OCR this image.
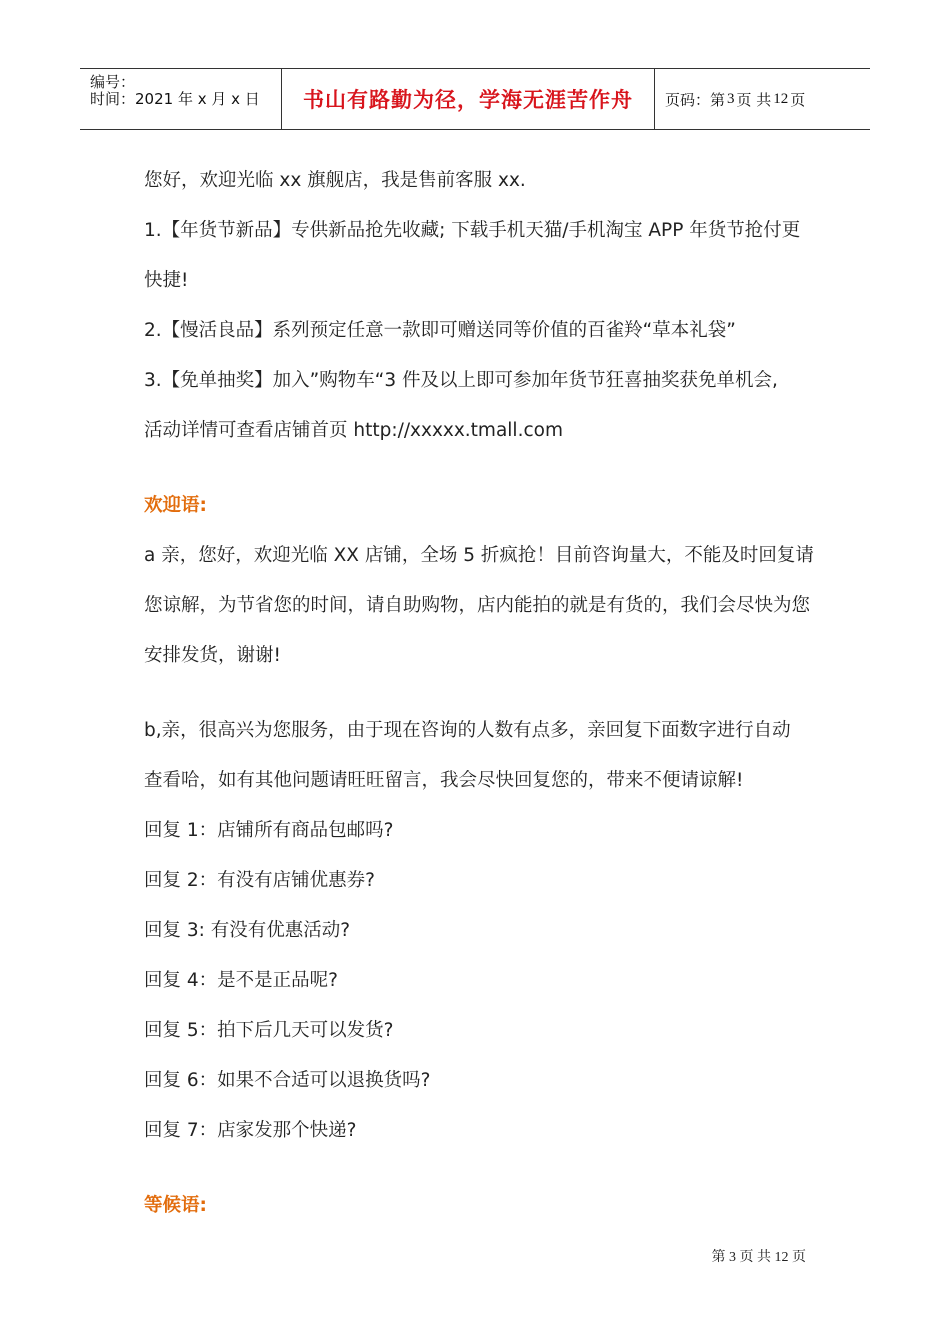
编号：
时间：2021 年 x 月 x 日 书山有路勤为径，学海无涯苦作舟 页码：第 3 页 共 12 页

您好，欢迎光临 xx 旗舰店，我是售前客服 xx.

1.【年货节新品】专供新品抢先收藏; 下载手机天猫/手机淘宝 APP 年货节抢付更

快捷!

2.【慢活良品】系列预定任意一款即可赠送同等价值的百雀羚“草本礼袋”

3.【免单抽奖】加入”购物车“3 件及以上即可参加年货节狂喜抽奖获免单机会,

活动详情可查看店铺首页 http://xxxxx.tmall.com

欢迎语:

a 亲，您好，欢迎光临 XX 店铺，全场 5 折疯抢！目前咨询量大，不能及时回复请

您谅解，为节省您的时间，请自助购物，店内能拍的就是有货的，我们会尽快为您

安排发货，谢谢!

b,亲，很高兴为您服务，由于现在咨询的人数有点多，亲回复下面数字进行自动

查看哈，如有其他问题请旺旺留言，我会尽快回复您的，带来不便请谅解!

回复 1：店铺所有商品包邮吗?

回复 2：有没有店铺优惠券?

回复 3: 有没有优惠活动?

回复 4：是不是正品呢?

回复 5：拍下后几天可以发货?

回复 6：如果不合适可以退换货吗?

回复 7：店家发那个快递?

等候语:

第 3 页 共 12 页
